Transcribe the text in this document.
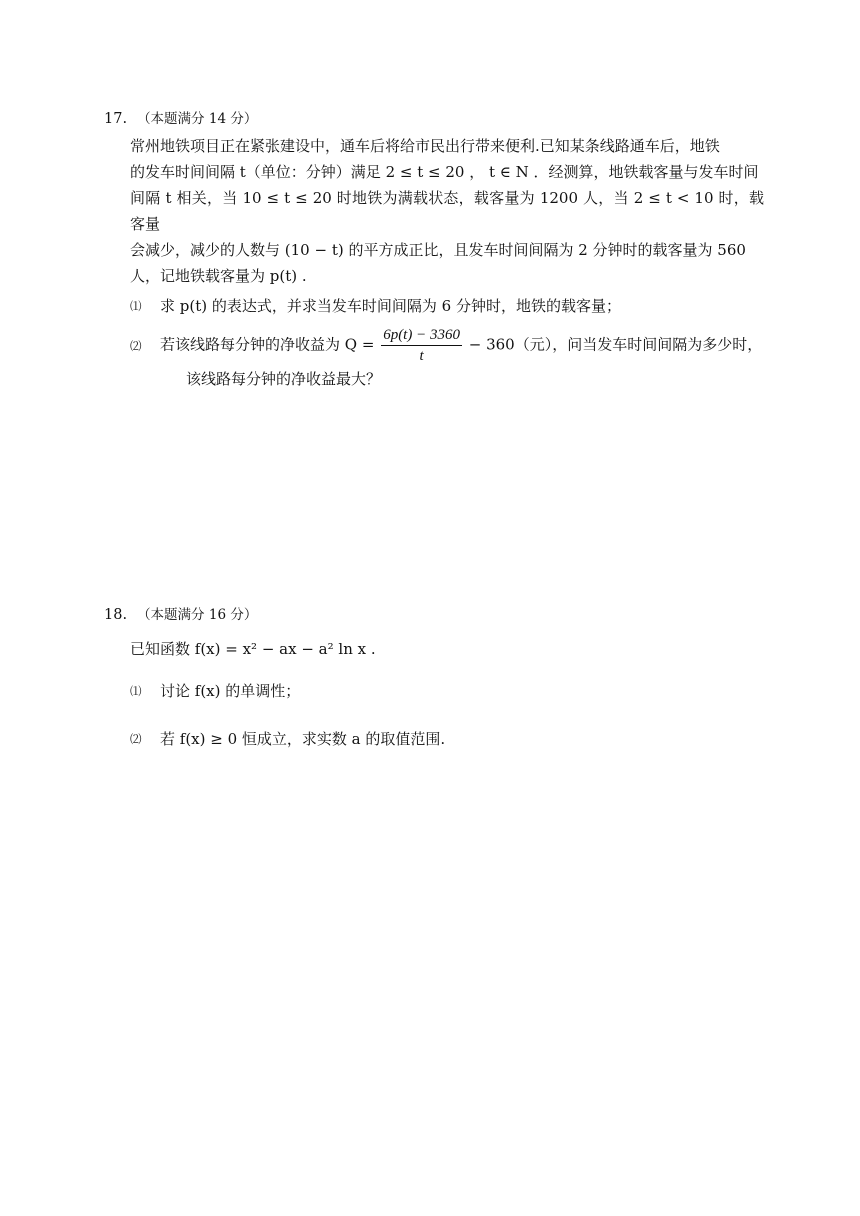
17. （本题满分 14 分）

常州地铁项目正在紧张建设中，通车后将给市民出行带来便利.已知某条线路通车后，地铁

的发车时间间隔 t（单位：分钟）满足 2 ≤ t ≤ 20 ， t ∈ N ．经测算，地铁载客量与发车时间

间隔 t 相关，当 10 ≤ t ≤ 20 时地铁为满载状态，载客量为 1200 人，当 2 ≤ t < 10 时，载客量

会减少，减少的人数与 (10 − t) 的平方成正比，且发车时间间隔为 2 分钟时的载客量为 560

人，记地铁载客量为 p(t) .

⑴	求 p(t) 的表达式，并求当发车时间间隔为 6 分钟时，地铁的载客量；
⑵	若该线路每分钟的净收益为 $Q = \frac{6p(t) - 3360}{t} - 360$（元），问当发车时间间隔为多少时，
该线路每分钟的净收益最大？
18. （本题满分 16 分）

已知函数 f(x) = x² − ax − a² ln x .

⑴	讨论 f(x) 的单调性；
⑵	若 f(x) ≥ 0 恒成立，求实数 a 的取值范围.
